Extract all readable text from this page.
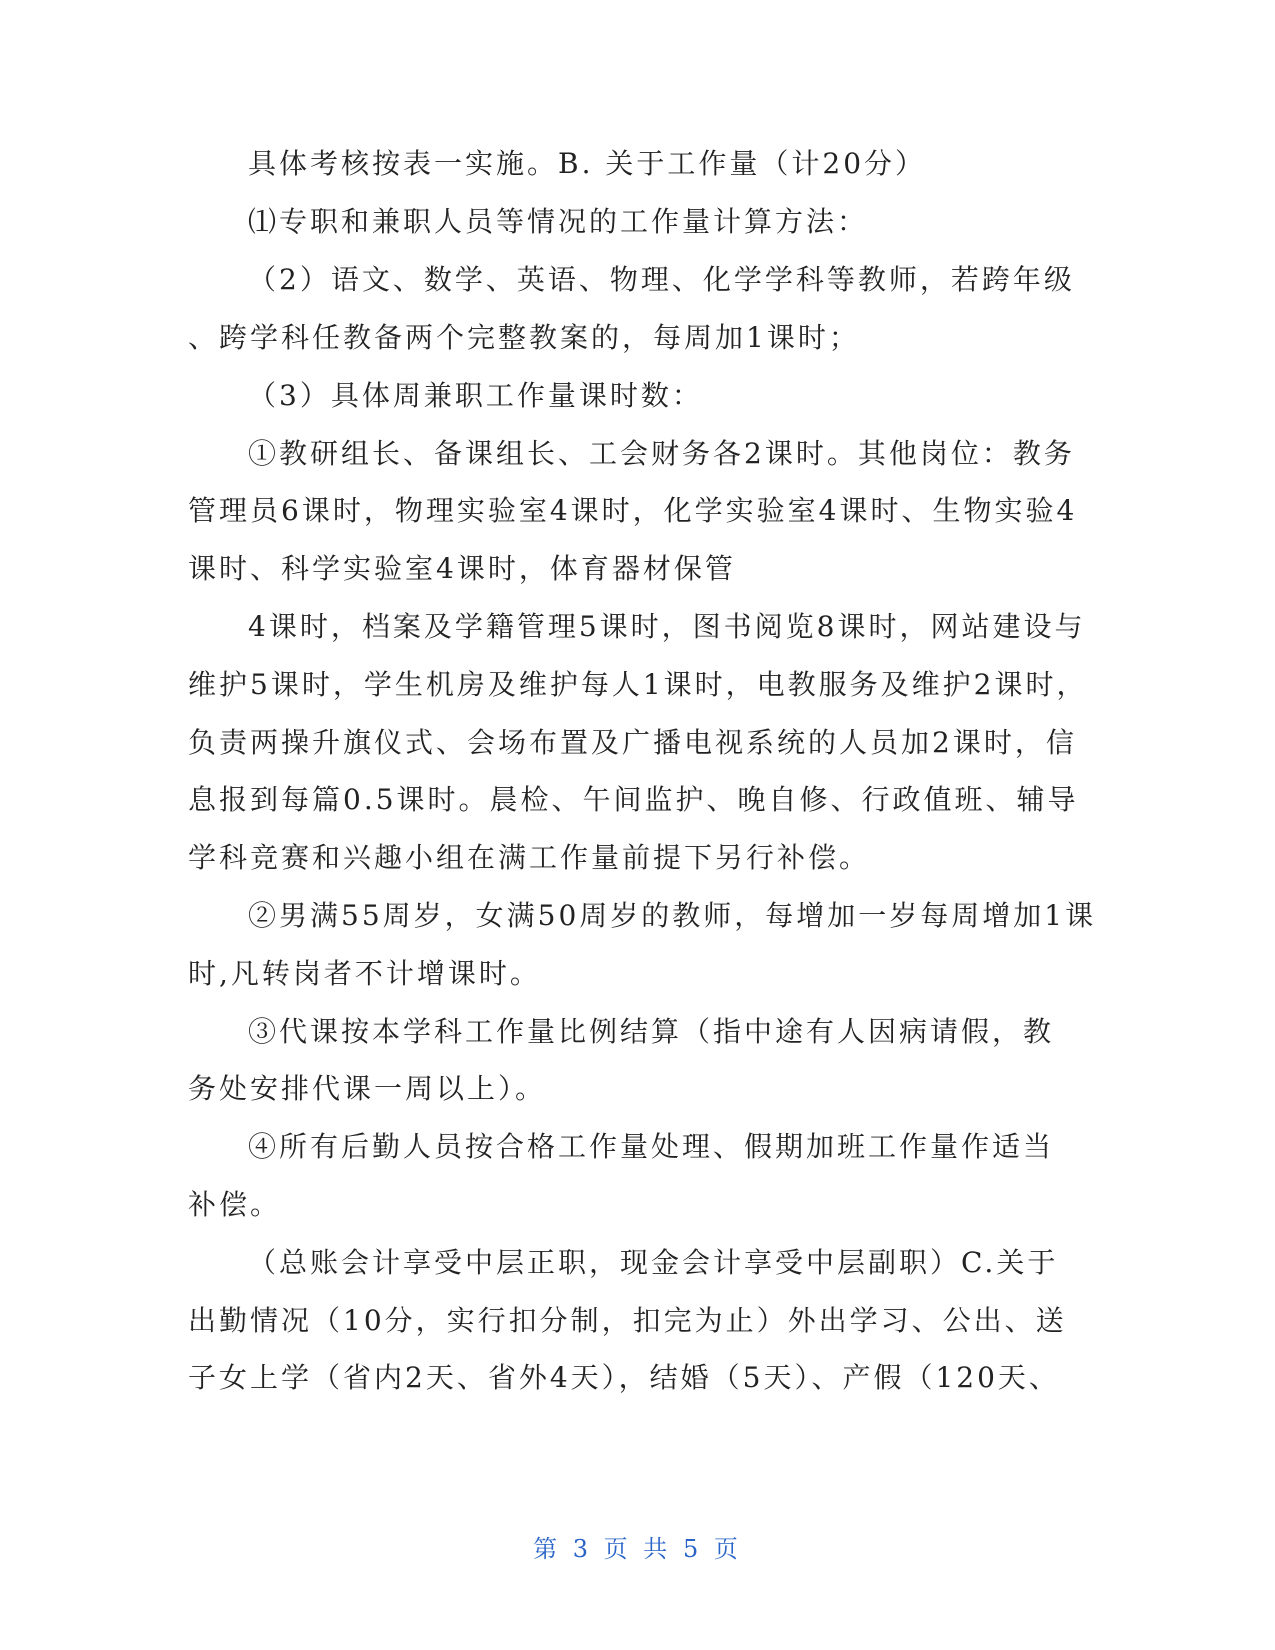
具体考核按表一实施。B. 关于工作量（计20分）
⑴专职和兼职人员等情况的工作量计算方法：
（2）语文、数学、英语、物理、化学学科等教师，若跨年级
、跨学科任教备两个完整教案的，每周加1课时；
（3）具体周兼职工作量课时数：
①教研组长、备课组长、工会财务各2课时。其他岗位：教务
管理员6课时，物理实验室4课时，化学实验室4课时、生物实验4
课时、科学实验室4课时，体育器材保管
4课时，档案及学籍管理5课时，图书阅览8课时，网站建设与
维护5课时，学生机房及维护每人1课时，电教服务及维护2课时，
负责两操升旗仪式、会场布置及广播电视系统的人员加2课时，信
息报到每篇0.5课时。晨检、午间监护、晚自修、行政值班、辅导
学科竞赛和兴趣小组在满工作量前提下另行补偿。
②男满55周岁，女满50周岁的教师，每增加一岁每周增加1课
时,凡转岗者不计增课时。
③代课按本学科工作量比例结算（指中途有人因病请假，教
务处安排代课一周以上）。
④所有后勤人员按合格工作量处理、假期加班工作量作适当
补偿。
（总账会计享受中层正职，现金会计享受中层副职）C.关于
出勤情况（10分，实行扣分制，扣完为止）外出学习、公出、送
子女上学（省内2天、省外4天），结婚（5天）、产假（120天、
第 3 页 共 5 页
